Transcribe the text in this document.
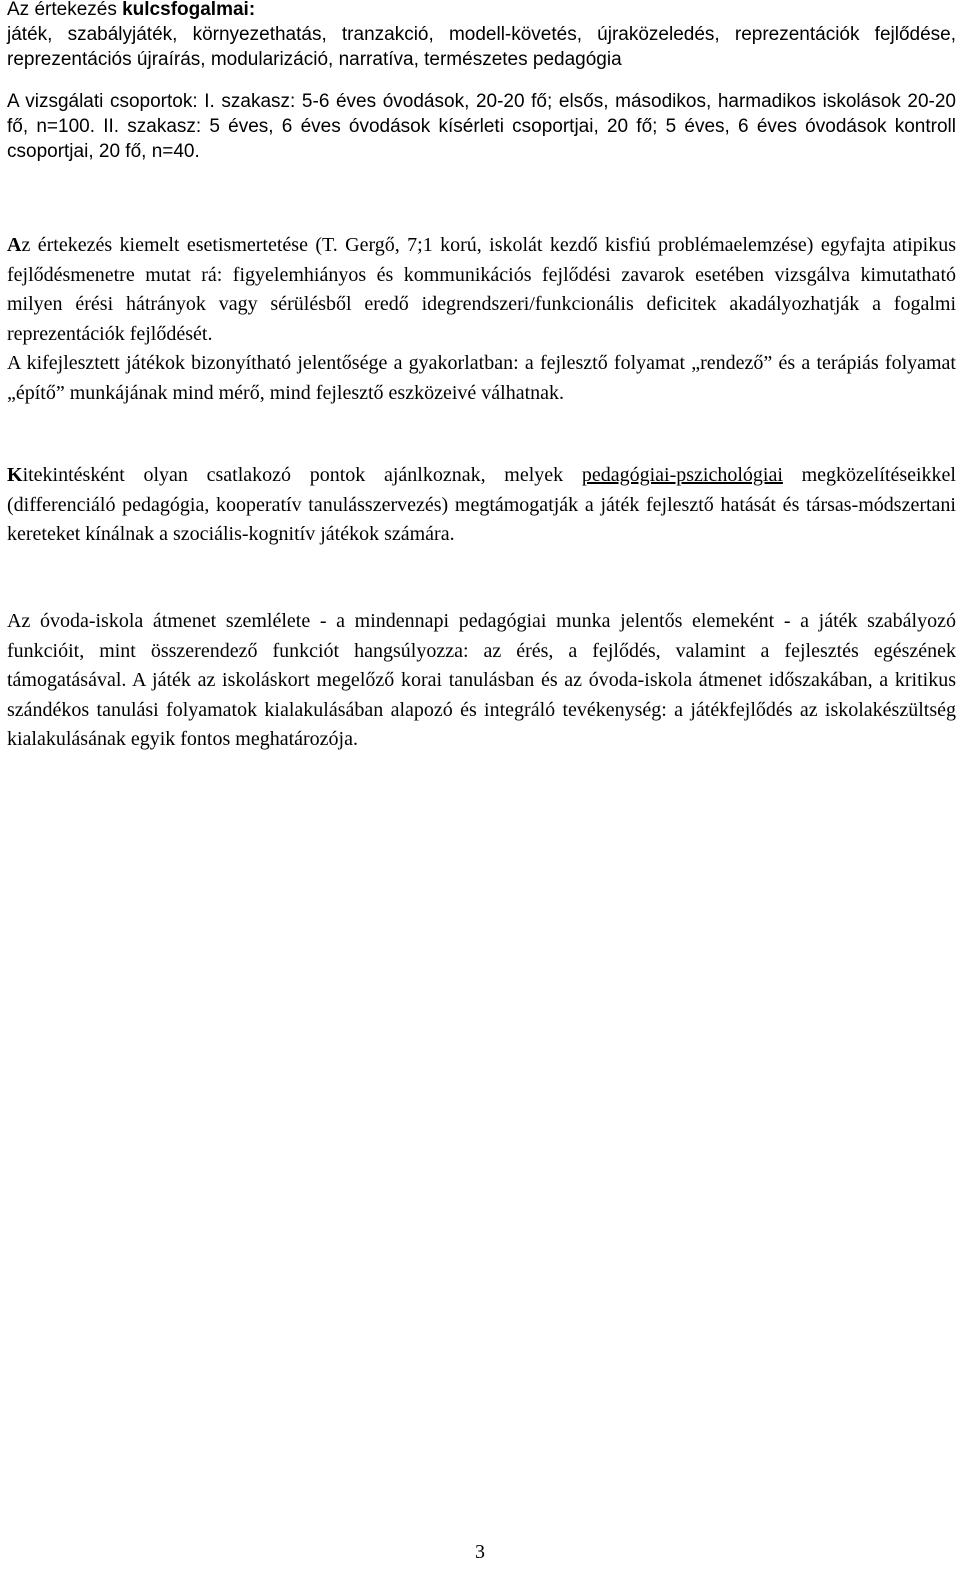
Az értekezés kulcsfogalmai:

játék, szabályjáték, környezethatás, tranzakció, modell-követés, újraközeledés, reprezentációk fejlődése, reprezentációs újraírás, modularizáció, narratíva, természetes pedagógia

A vizsgálati csoportok: I. szakasz: 5-6 éves óvodások, 20-20 fő; elsős, másodikos, harmadikos iskolások 20-20 fő, n=100. II. szakasz: 5 éves, 6 éves óvodások kísérleti csoportjai, 20 fő; 5 éves, 6 éves óvodások kontroll csoportjai, 20 fő, n=40.

Az értekezés kiemelt esetismertetése (T. Gergő, 7;1 korú, iskolát kezdő kisfiú problémaelemzése) egyfajta atipikus fejlődésmenetre mutat rá: figyelemhiányos és kommunikációs fejlődési zavarok esetében vizsgálva kimutatható milyen érési hátrányok vagy sérülésből eredő idegrendszeri/funkcionális deficitek akadályozhatják a fogalmi reprezentációk fejlődését.

A kifejlesztett játékok bizonyítható jelentősége a gyakorlatban: a fejlesztő folyamat „rendező” és a terápiás folyamat „építő” munkájának mind mérő, mind fejlesztő eszközeivé válhatnak.

Kitekintésként olyan csatlakozó pontok ajánlkoznak, melyek pedagógiai-pszichológiai megközelítéseikkel (differenciáló pedagógia, kooperatív tanulásszervezés) megtámogatják a játék fejlesztő hatását és társas-módszertani kereteket kínálnak a szociális-kognitív játékok számára.

Az óvoda-iskola átmenet szemlélete - a mindennapi pedagógiai munka jelentős elemeként - a játék szabályozó funkcióit, mint összerendező funkciót hangsúlyozza: az érés, a fejlődés, valamint a fejlesztés egészének támogatásával. A játék az iskoláskort megelőző korai tanulásban és az óvoda-iskola átmenet időszakában, a kritikus szándékos tanulási folyamatok kialakulásában alapozó és integráló tevékenység: a játékfejlődés az iskolakészültség kialakulásának egyik fontos meghatározója.

3
